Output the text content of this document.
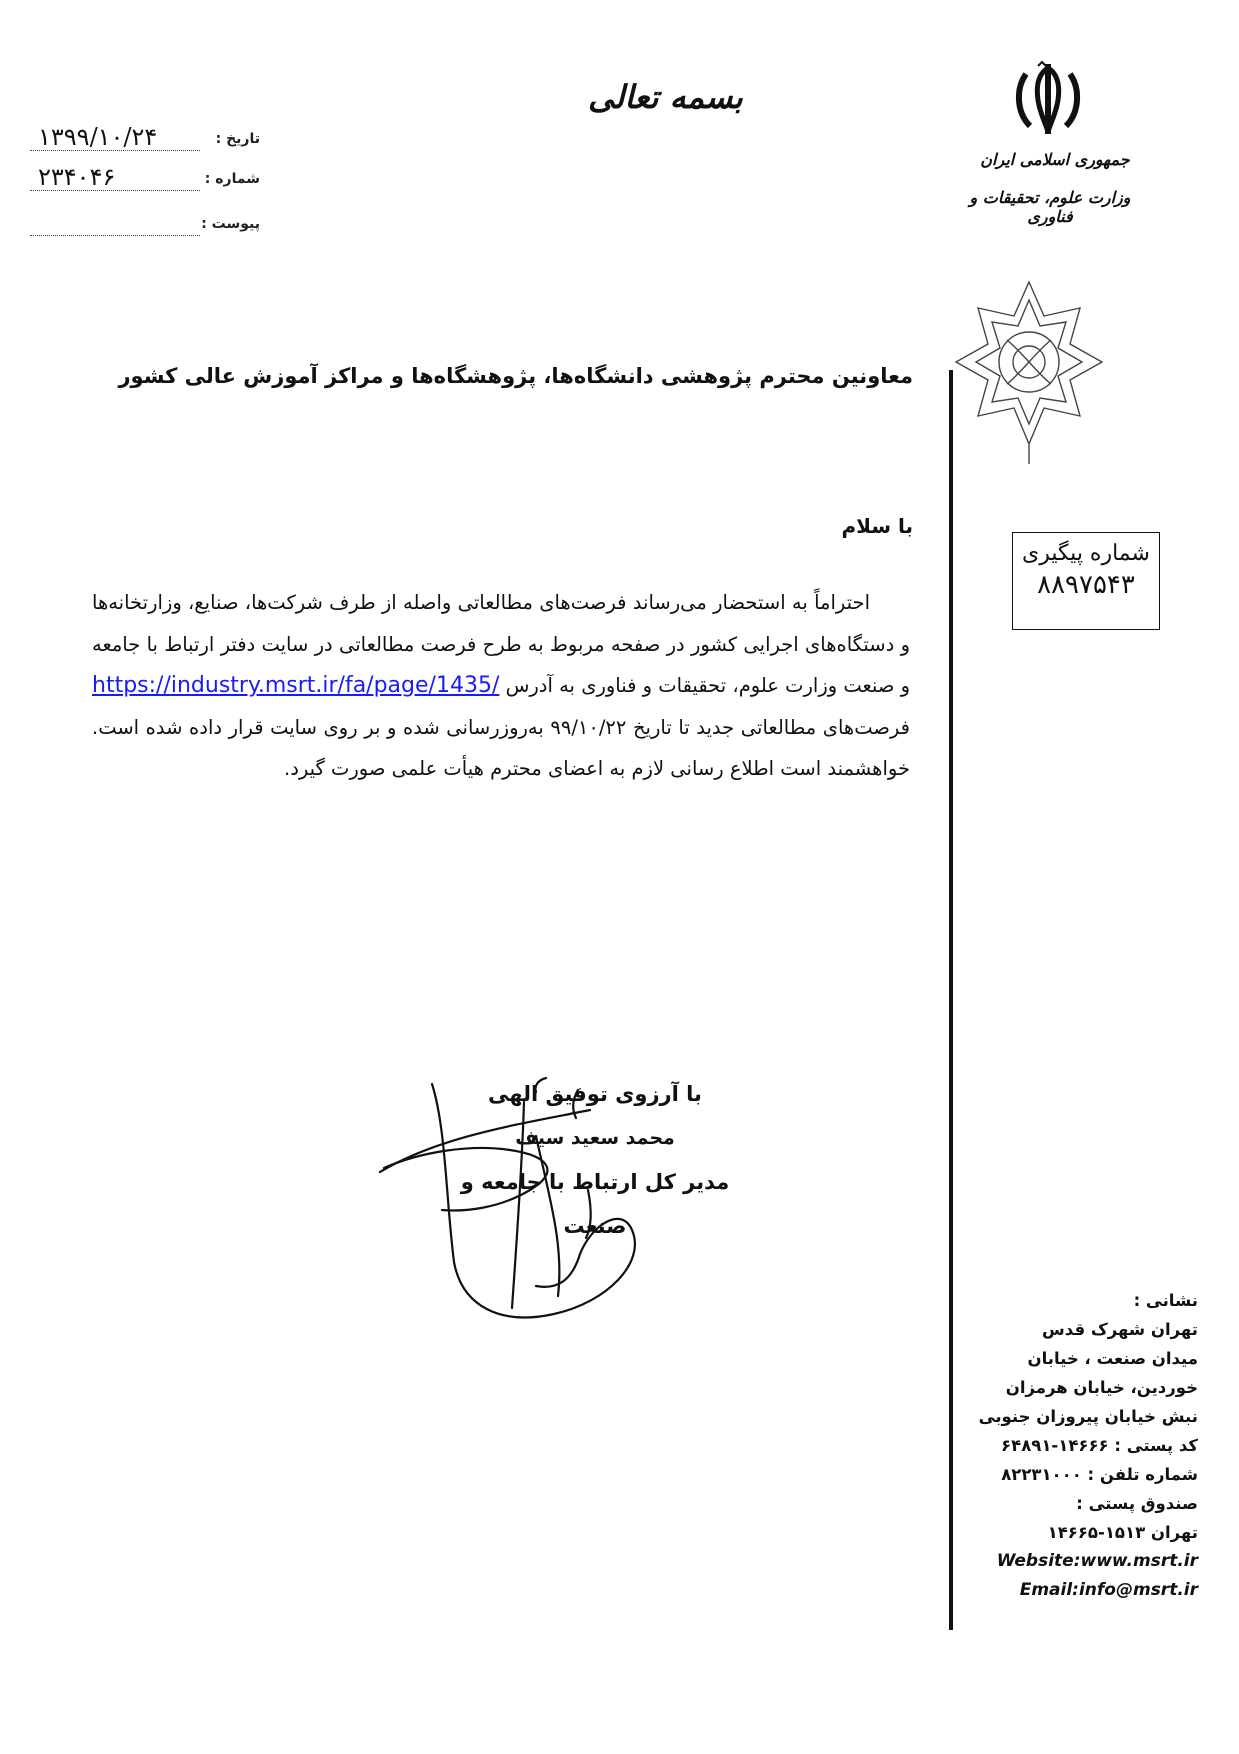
بسمه تعالی
جمهوری اسلامی ایران
وزارت علوم، تحقیقات و فناوری
تاریخ :
۱۳۹۹/۱۰/۲۴
شماره :
۲۳۴۰۴۶
پیوست :
معاونین محترم پژوهشی دانشگاه‌ها، پژوهشگاه‌ها و مراکز آموزش عالی کشور
با سلام

احتراماً به استحضار می‌رساند فرصت‌های مطالعاتی واصله از طرف شرکت‌ها، صنایع، وزارتخانه‌ها و دستگاه‌های اجرایی کشور در صفحه مربوط به طرح فرصت مطالعاتی در سایت دفتر ارتباط با جامعه و صنعت وزارت علوم، تحقیقات و فناوری به آدرس https://industry.msrt.ir/fa/page/1435/ فرصت‌های مطالعاتی جدید تا تاریخ ۹۹/۱۰/۲۲ به‌روزرسانی شده و بر روی سایت قرار داده شده است. خواهشمند است اطلاع رسانی لازم به اعضای محترم هیأت علمی صورت گیرد.

شماره پیگیری
۸۸۹۷۵۴۳
با آرزوی توفیق الهی
محمد سعید سیف
مدیر کل ارتباط با جامعه و صنعت
نشانی :
تهران شهرک قدس
میدان صنعت ، خیابان
خوردین، خیابان هرمزان
نبش خیابان پیروزان جنوبی
کد پستی : ۱۴۶۶۶-۶۴۸۹۱
شماره تلفن : ۸۲۲۳۱۰۰۰
صندوق پستی :
تهران ۱۵۱۳-۱۴۶۶۵
Website:www.msrt.ir
Email:info@msrt.ir
